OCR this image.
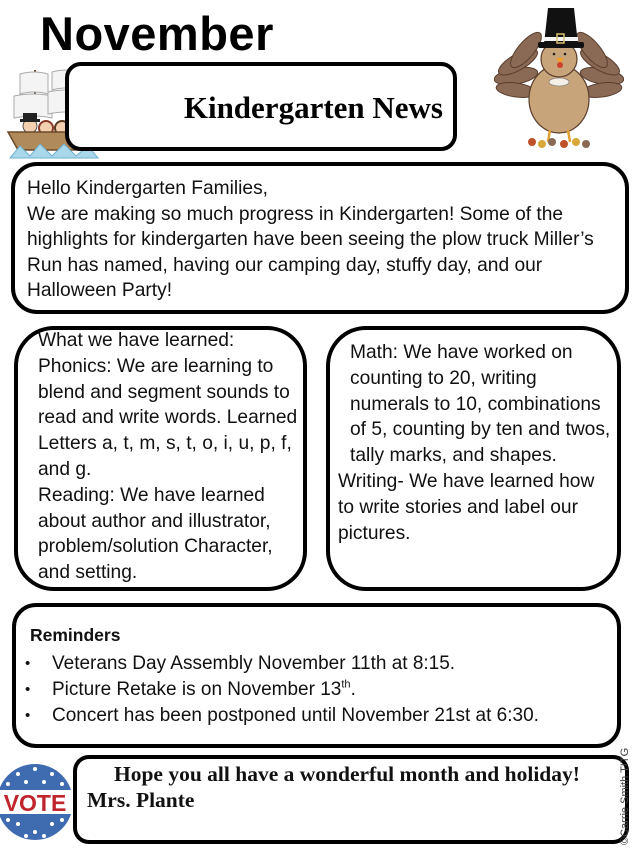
November
Kindergarten News
Hello Kindergarten Families,
We are making so much progress in Kindergarten! Some of the highlights for kindergarten have been seeing the plow truck Miller’s Run has named, having our camping day, stuffy day, and our Halloween Party!
What we have learned:
Phonics: We are learning to blend and segment sounds to read and write words. Learned Letters a, t, m, s, t, o, i, u, p, f, and g.
Reading: We have learned about author and illustrator, problem/solution Character, and setting.
Math: We have worked on counting to 20, writing numerals to 10, combinations of 5, counting by ten and twos, tally marks, and shapes.
Writing- We have learned how to write stories and label our pictures.
Reminders
• Veterans Day Assembly November 11th at 8:15.
• Picture Retake is on November 13th.
• Concert has been postponed until November 21st at 6:30.
VOTE
Hope you all have a wonderful month and holiday!
Mrs. Plante	©Carrie Smith TITG
